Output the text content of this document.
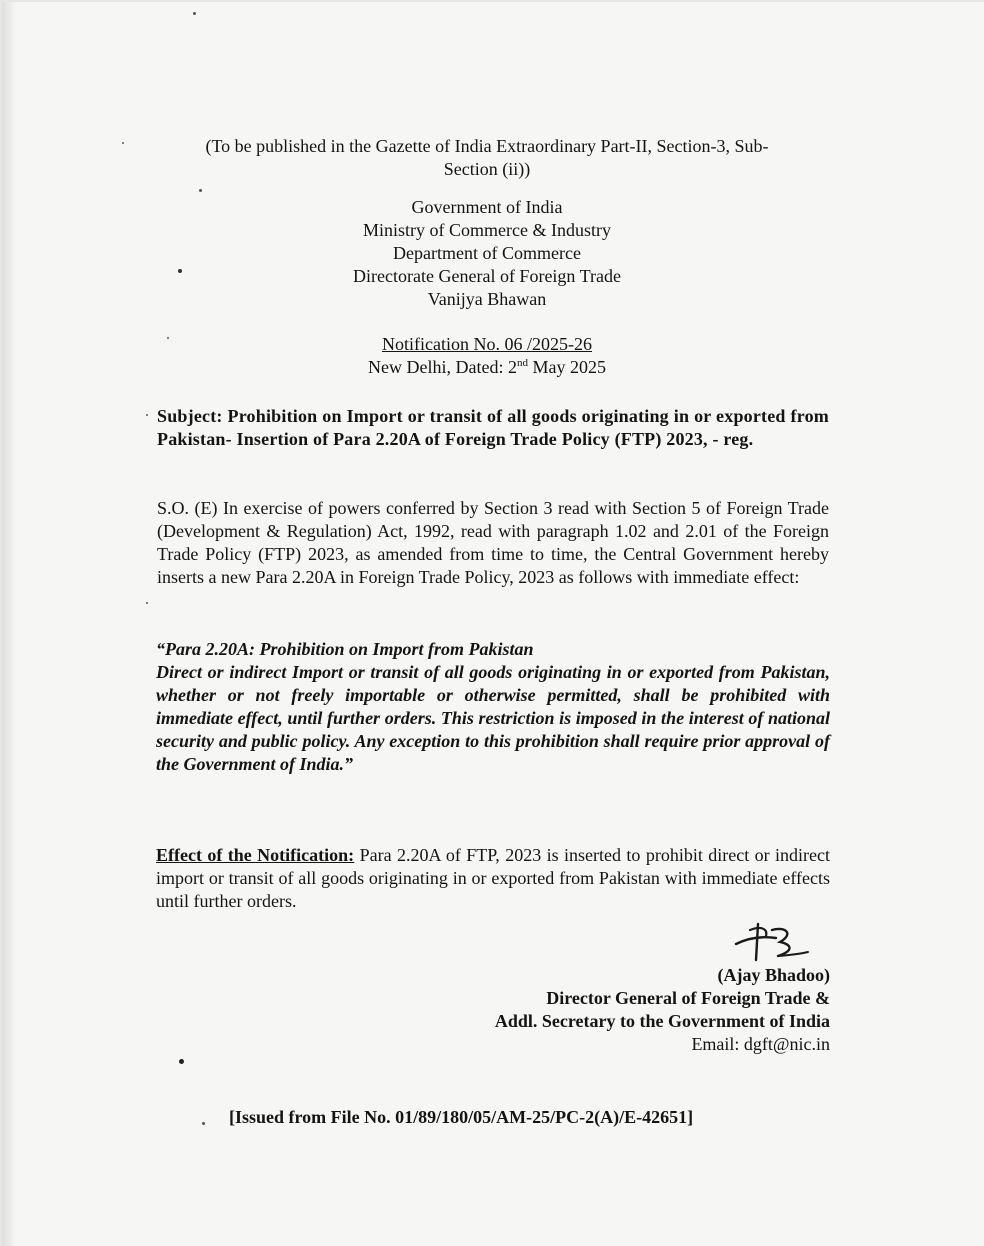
(To be published in the Gazette of India Extraordinary Part-II, Section-3, Sub-
Section (ii))
Government of India
Ministry of Commerce & Industry
Department of Commerce
Directorate General of Foreign Trade
Vanijya Bhawan
Notification No. 06 /2025-26
New Delhi, Dated: 2nd May 2025
Subject: Prohibition on Import or transit of all goods originating in or exported from Pakistan- Insertion of Para 2.20A of Foreign Trade Policy (FTP) 2023, - reg.
S.O. (E) In exercise of powers conferred by Section 3 read with Section 5 of Foreign Trade (Development & Regulation) Act, 1992, read with paragraph 1.02 and 2.01 of the Foreign Trade Policy (FTP) 2023, as amended from time to time, the Central Government hereby inserts a new Para 2.20A in Foreign Trade Policy, 2023 as follows with immediate effect:
“Para 2.20A: Prohibition on Import from Pakistan
Direct or indirect Import or transit of all goods originating in or exported from Pakistan, whether or not freely importable or otherwise permitted, shall be prohibited with immediate effect, until further orders. This restriction is imposed in the interest of national security and public policy. Any exception to this prohibition shall require prior approval of the Government of India.”
Effect of the Notification: Para 2.20A of FTP, 2023 is inserted to prohibit direct or indirect import or transit of all goods originating in or exported from Pakistan with immediate effects until further orders.
(Ajay Bhadoo)
Director General of Foreign Trade &
Addl. Secretary to the Government of India
Email: dgft@nic.in
[Issued from File No. 01/89/180/05/AM-25/PC-2(A)/E-42651]
